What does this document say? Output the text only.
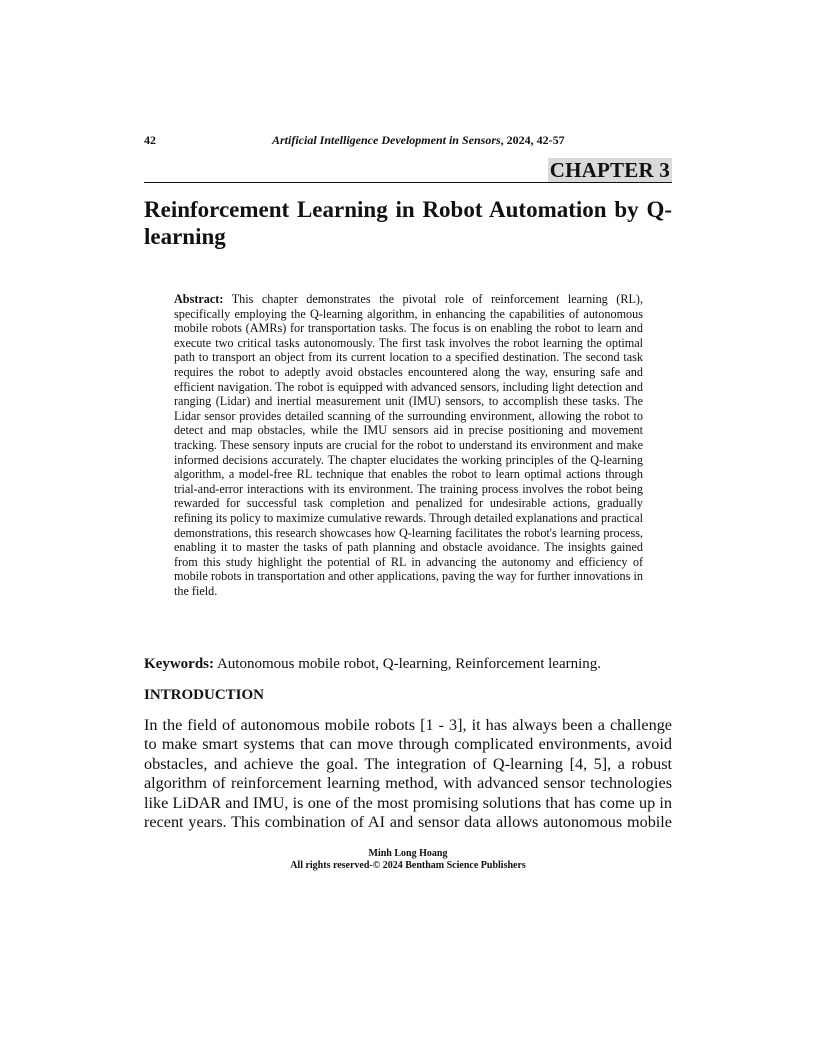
42	Artificial Intelligence Development in Sensors, 2024, 42-57
CHAPTER 3
Reinforcement Learning in Robot Automation by Q-learning

Abstract: This chapter demonstrates the pivotal role of reinforcement learning (RL), specifically employing the Q-learning algorithm, in enhancing the capabilities of autonomous mobile robots (AMRs) for transportation tasks. The focus is on enabling the robot to learn and execute two critical tasks autonomously. The first task involves the robot learning the optimal path to transport an object from its current location to a specified destination. The second task requires the robot to adeptly avoid obstacles encountered along the way, ensuring safe and efficient navigation. The robot is equipped with advanced sensors, including light detection and ranging (Lidar) and inertial measurement unit (IMU) sensors, to accomplish these tasks. The Lidar sensor provides detailed scanning of the surrounding environment, allowing the robot to detect and map obstacles, while the IMU sensors aid in precise positioning and movement tracking. These sensory inputs are crucial for the robot to understand its environment and make informed decisions accurately. The chapter elucidates the working principles of the Q-learning algorithm, a model-free RL technique that enables the robot to learn optimal actions through trial-and-error interactions with its environment. The training process involves the robot being rewarded for successful task completion and penalized for undesirable actions, gradually refining its policy to maximize cumulative rewards. Through detailed explanations and practical demonstrations, this research showcases how Q-learning facilitates the robot's learning process, enabling it to master the tasks of path planning and obstacle avoidance. The insights gained from this study highlight the potential of RL in advancing the autonomy and efficiency of mobile robots in transportation and other applications, paving the way for further innovations in the field.

Keywords: Autonomous mobile robot, Q-learning, Reinforcement learning.

INTRODUCTION

In the field of autonomous mobile robots [1 - 3], it has always been a challenge to make smart systems that can move through complicated environments, avoid obstacles, and achieve the goal. The integration of Q-learning [4, 5], a robust algorithm of reinforcement learning method, with advanced sensor technologies like LiDAR and IMU, is one of the most promising solutions that has come up in recent years. This combination of AI and sensor data allows autonomous mobile

Minh Long Hoang
All rights reserved-© 2024 Bentham Science Publishers
